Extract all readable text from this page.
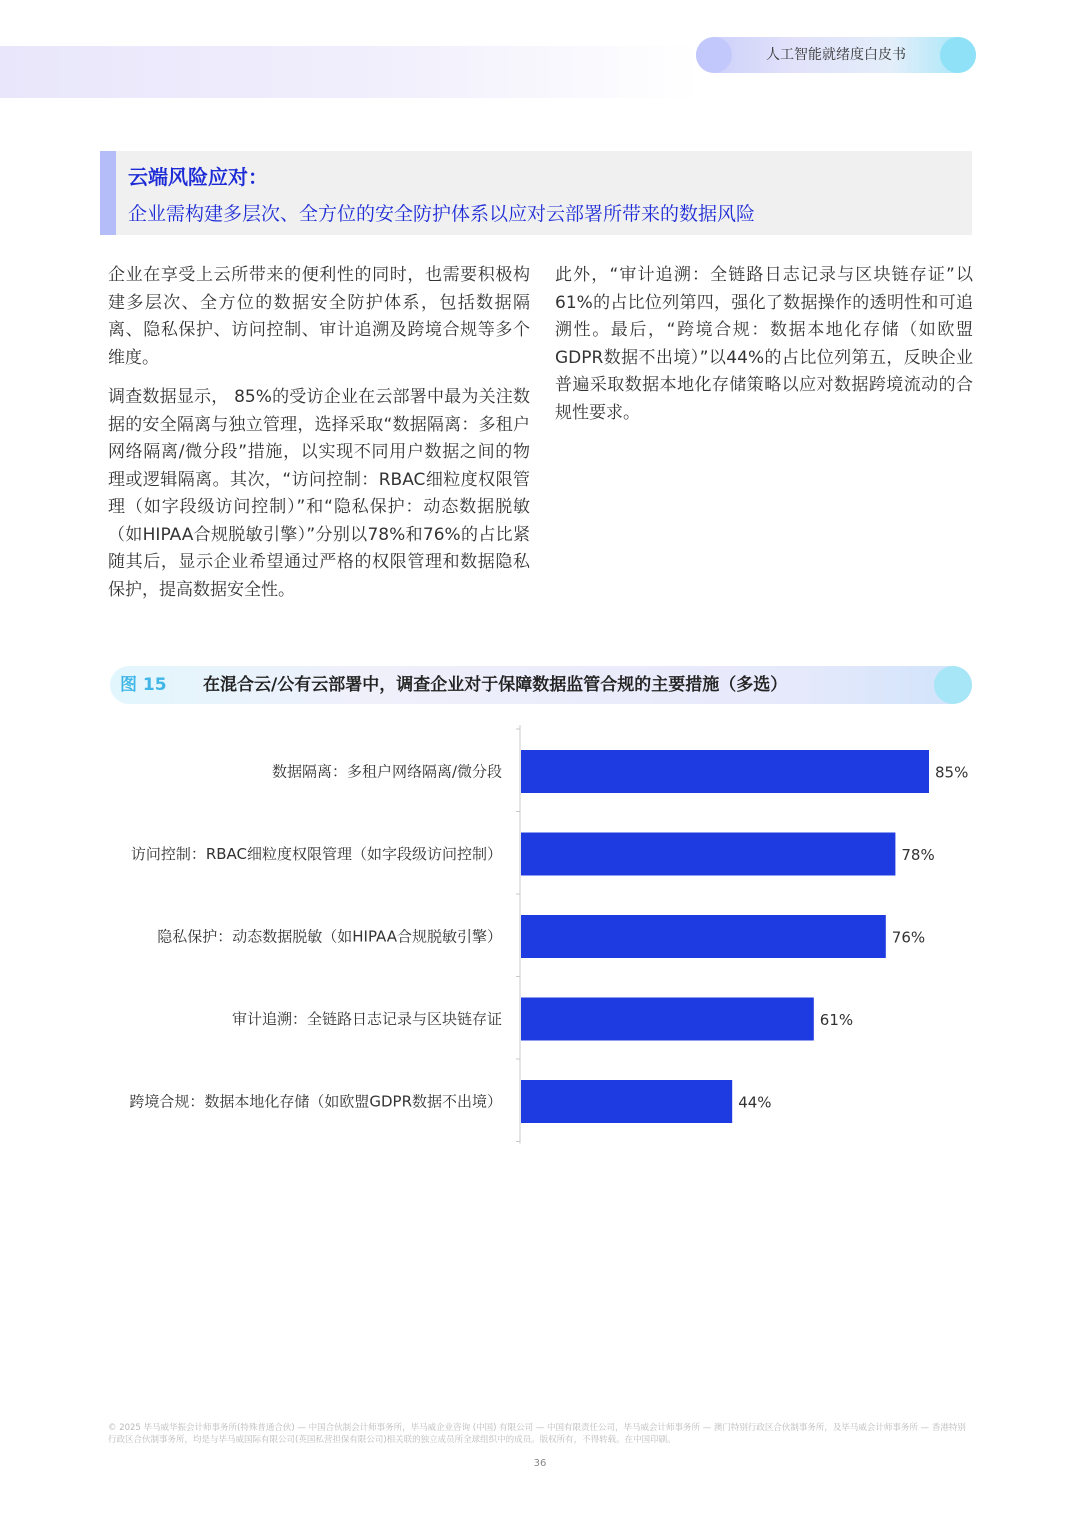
人工智能就绪度白皮书
云端风险应对：
企业需构建多层次、全方位的安全防护体系以应对云部署所带来的数据风险

企业在享受上云所带来的便利性的同时，也需要积极构建多层次、全方位的数据安全防护体系，包括数据隔离、隐私保护、访问控制、审计追溯及跨境合规等多个维度。

调查数据显示， 85%的受访企业在云部署中最为关注数据的安全隔离与独立管理，选择采取“数据隔离：多租户网络隔离/微分段”措施，以实现不同用户数据之间的物理或逻辑隔离。其次，“访问控制：RBAC细粒度权限管理（如字段级访问控制）”和“隐私保护：动态数据脱敏（如HIPAA合规脱敏引擎）”分别以78%和76%的占比紧随其后，显示企业希望通过严格的权限管理和数据隐私保护，提高数据安全性。

此外，“审计追溯：全链路日志记录与区块链存证”以61%的占比位列第四，强化了数据操作的透明性和可追溯性。最后，“跨境合规：数据本地化存储（如欧盟GDPR数据不出境）”以44%的占比位列第五，反映企业普遍采取数据本地化存储策略以应对数据跨境流动的合规性要求。

图 15 在混合云/公有云部署中，调查企业对于保障数据监管合规的主要措施（多选）
数据隔离：多租户网络隔离/微分段	85%
访问控制：RBAC细粒度权限管理（如字段级访问控制）	78%
隐私保护：动态数据脱敏（如HIPAA合规脱敏引擎）	76%
审计追溯：全链路日志记录与区块链存证	61%
跨境合规：数据本地化存储（如欧盟GDPR数据不出境）	44%
© 2025 毕马威华振会计师事务所(特殊普通合伙) — 中国合伙制会计师事务所，毕马威企业咨询 (中国) 有限公司 — 中国有限责任公司，毕马威会计师事务所 — 澳门特别行政区合伙制事务所，及毕马威会计师事务所 — 香港特别行政区合伙制事务所，均是与毕马威国际有限公司(英国私营担保有限公司)相关联的独立成员所全球组织中的成员。版权所有，不得转载。在中国印刷。
36
